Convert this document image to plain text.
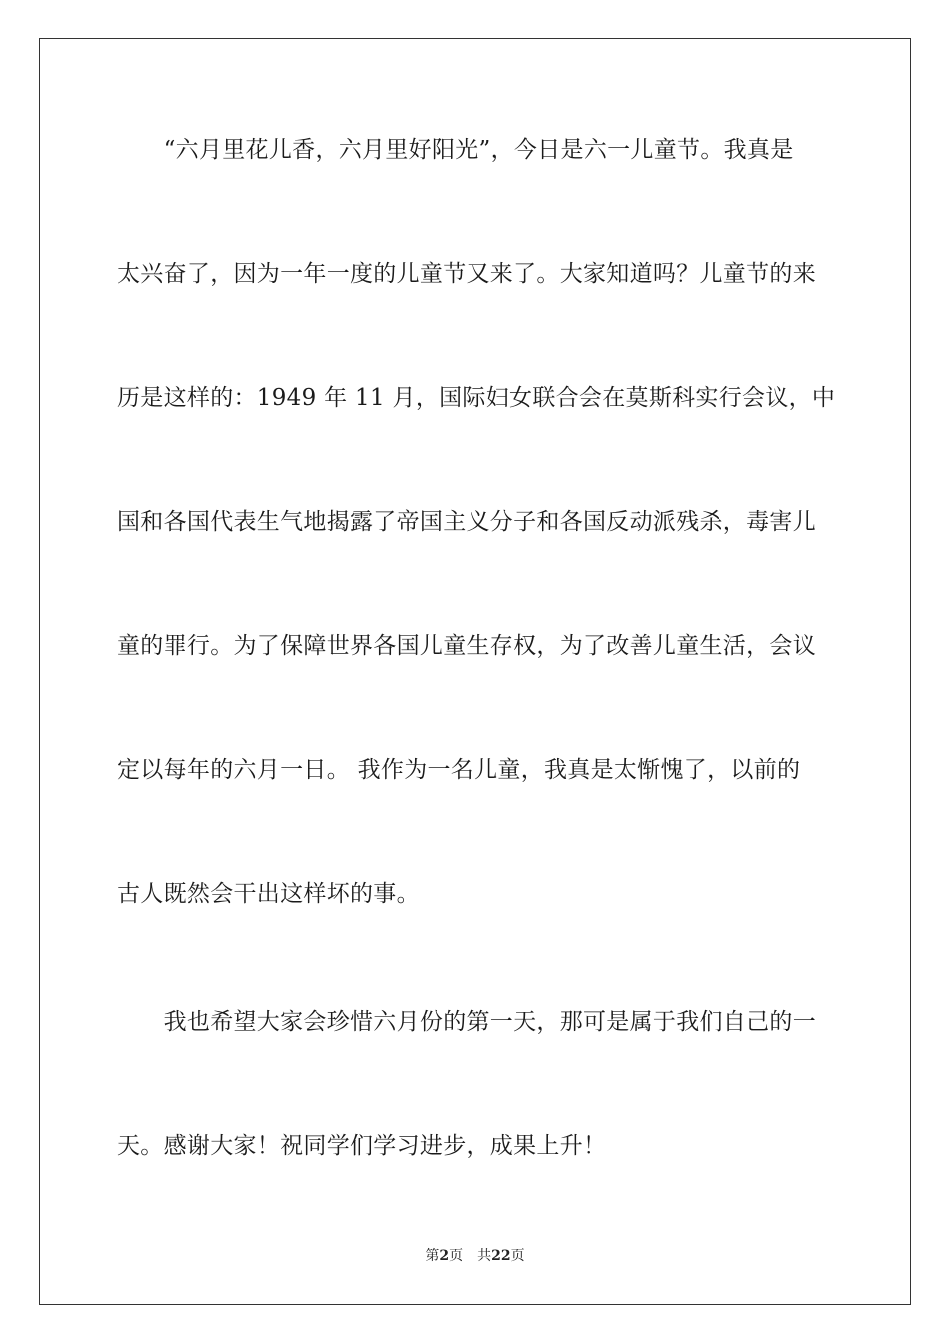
　　“六月里花儿香，六月里好阳光”，今日是六一儿童节。我真是
太兴奋了，因为一年一度的儿童节又来了。大家知道吗？儿童节的来
历是这样的：1949 年 11 月，国际妇女联合会在莫斯科实行会议，中
国和各国代表生气地揭露了帝国主义分子和各国反动派残杀，毒害儿
童的罪行。为了保障世界各国儿童生存权，为了改善儿童生活，会议
定以每年的六月一日。 我作为一名儿童，我真是太惭愧了，以前的
古人既然会干出这样坏的事。
　　我也希望大家会珍惜六月份的第一天，那可是属于我们自己的一
天。感谢大家！祝同学们学习进步，成果上升！
第2页 共22页
